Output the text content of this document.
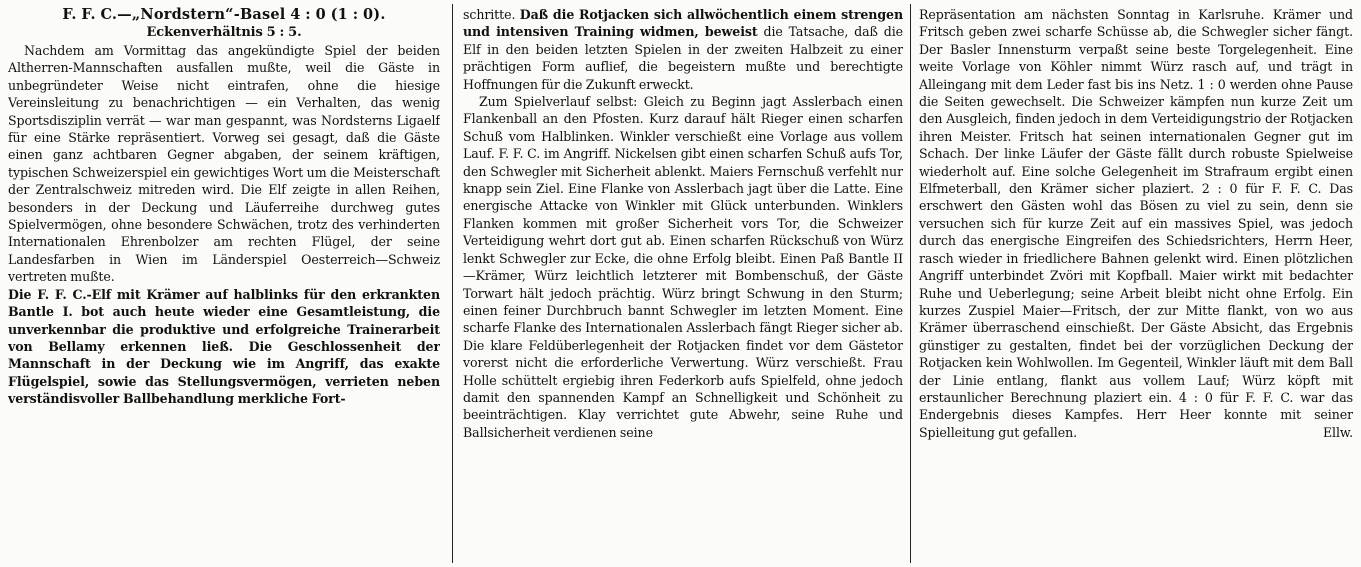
F. F. C.—„Nordstern“-Basel 4 : 0 (1 : 0).
Eckenverhältnis 5 : 5.

Nachdem am Vormittag das angekündigte Spiel der beiden Altherren-Mannschaften ausfallen mußte, weil die Gäste in unbegründeter Weise nicht eintrafen, ohne die hiesige Vereinsleitung zu benachrichtigen — ein Verhalten, das wenig Sportsdisziplin verrät — war man gespannt, was Nordsterns Ligaelf für eine Stärke repräsentiert. Vorweg sei gesagt, daß die Gäste einen ganz achtbaren Gegner abgaben, der seinem kräftigen, typischen Schweizerspiel ein gewichtiges Wort um die Meisterschaft der Zentralschweiz mitreden wird. Die Elf zeigte in allen Reihen, besonders in der Deckung und Läuferreihe durchweg gutes Spielvermögen, ohne besondere Schwächen, trotz des verhinderten Internationalen Ehrenbolzer am rechten Flügel, der seine Landesfarben in Wien im Länderspiel Oesterreich—Schweiz vertreten mußte.

Die F. F. C.-Elf mit Krämer auf halblinks für den erkrankten Bantle I. bot auch heute wieder eine Gesamtleistung, die unverkennbar die produktive und erfolgreiche Trainerarbeit von Bellamy erkennen ließ. Die Geschlossenheit der Mannschaft in der Deckung wie im Angriff, das exakte Flügelspiel, sowie das Stellungsvermögen, verrieten neben verständisvoller Ballbehandlung merkliche Fort-

schritte. Daß die Rotjacken sich allwöchentlich einem strengen und intensiven Training widmen, beweist die Tatsache, daß die Elf in den beiden letzten Spielen in der zweiten Halbzeit zu einer prächtigen Form auflief, die begeistern mußte und berechtigte Hoffnungen für die Zukunft erweckt.

Zum Spielverlauf selbst: Gleich zu Beginn jagt Asslerbach einen Flankenball an den Pfosten. Kurz darauf hält Rieger einen scharfen Schuß vom Halblinken. Winkler verschießt eine Vorlage aus vollem Lauf. F. F. C. im Angriff. Nickelsen gibt einen scharfen Schuß aufs Tor, den Schwegler mit Sicherheit ablenkt. Maiers Fernschuß verfehlt nur knapp sein Ziel. Eine Flanke von Asslerbach jagt über die Latte. Eine energische Attacke von Winkler mit Glück unterbunden. Winklers Flanken kommen mit großer Sicherheit vors Tor, die Schweizer Verteidigung wehrt dort gut ab. Einen scharfen Rückschuß von Würz lenkt Schwegler zur Ecke, die ohne Erfolg bleibt. Einen Paß Bantle II—Krämer, Würz leichtlich letzterer mit Bombenschuß, der Gäste Torwart hält jedoch prächtig. Würz bringt Schwung in den Sturm; einen feiner Durchbruch bannt Schwegler im letzten Moment. Eine scharfe Flanke des Internationalen Asslerbach fängt Rieger sicher ab. Die klare Feldüberlegenheit der Rotjacken findet vor dem Gästetor vorerst nicht die erforderliche Verwertung. Würz verschießt. Frau Holle schüttelt ergiebig ihren Federkorb aufs Spielfeld, ohne jedoch damit den spannenden Kampf an Schnelligkeit und Schönheit zu beeinträchtigen. Klay verrichtet gute Abwehr, seine Ruhe und Ballsicherheit verdienen seine

Repräsentation am nächsten Sonntag in Karlsruhe. Krämer und Fritsch geben zwei scharfe Schüsse ab, die Schwegler sicher fängt. Der Basler Innensturm verpaßt seine beste Torgelegenheit. Eine weite Vorlage von Köhler nimmt Würz rasch auf, und trägt in Alleingang mit dem Leder fast bis ins Netz. 1 : 0 werden ohne Pause die Seiten gewechselt. Die Schweizer kämpfen nun kurze Zeit um den Ausgleich, finden jedoch in dem Verteidigungstrio der Rotjacken ihren Meister. Fritsch hat seinen internationalen Gegner gut im Schach. Der linke Läufer der Gäste fällt durch robuste Spielweise wiederholt auf. Eine solche Gelegenheit im Strafraum ergibt einen Elfmeterball, den Krämer sicher plaziert. 2 : 0 für F. F. C. Das erschwert den Gästen wohl das Bösen zu viel zu sein, denn sie versuchen sich für kurze Zeit auf ein massives Spiel, was jedoch durch das energische Eingreifen des Schiedsrichters, Herrn Heer, rasch wieder in friedlichere Bahnen gelenkt wird. Einen plötzlichen Angriff unterbindet Zvöri mit Kopfball. Maier wirkt mit bedachter Ruhe und Ueberlegung; seine Arbeit bleibt nicht ohne Erfolg. Ein kurzes Zuspiel Maier—Fritsch, der zur Mitte flankt, von wo aus Krämer überraschend einschießt. Der Gäste Absicht, das Ergebnis günstiger zu gestalten, findet bei der vorzüglichen Deckung der Rotjacken kein Wohlwollen. Im Gegenteil, Winkler läuft mit dem Ball der Linie entlang, flankt aus vollem Lauf; Würz köpft mit erstaunlicher Berechnung plaziert ein. 4 : 0 für F. F. C. war das Endergebnis dieses Kampfes. Herr Heer konnte mit seiner Spielleitung gut gefallen.	Ellw.
